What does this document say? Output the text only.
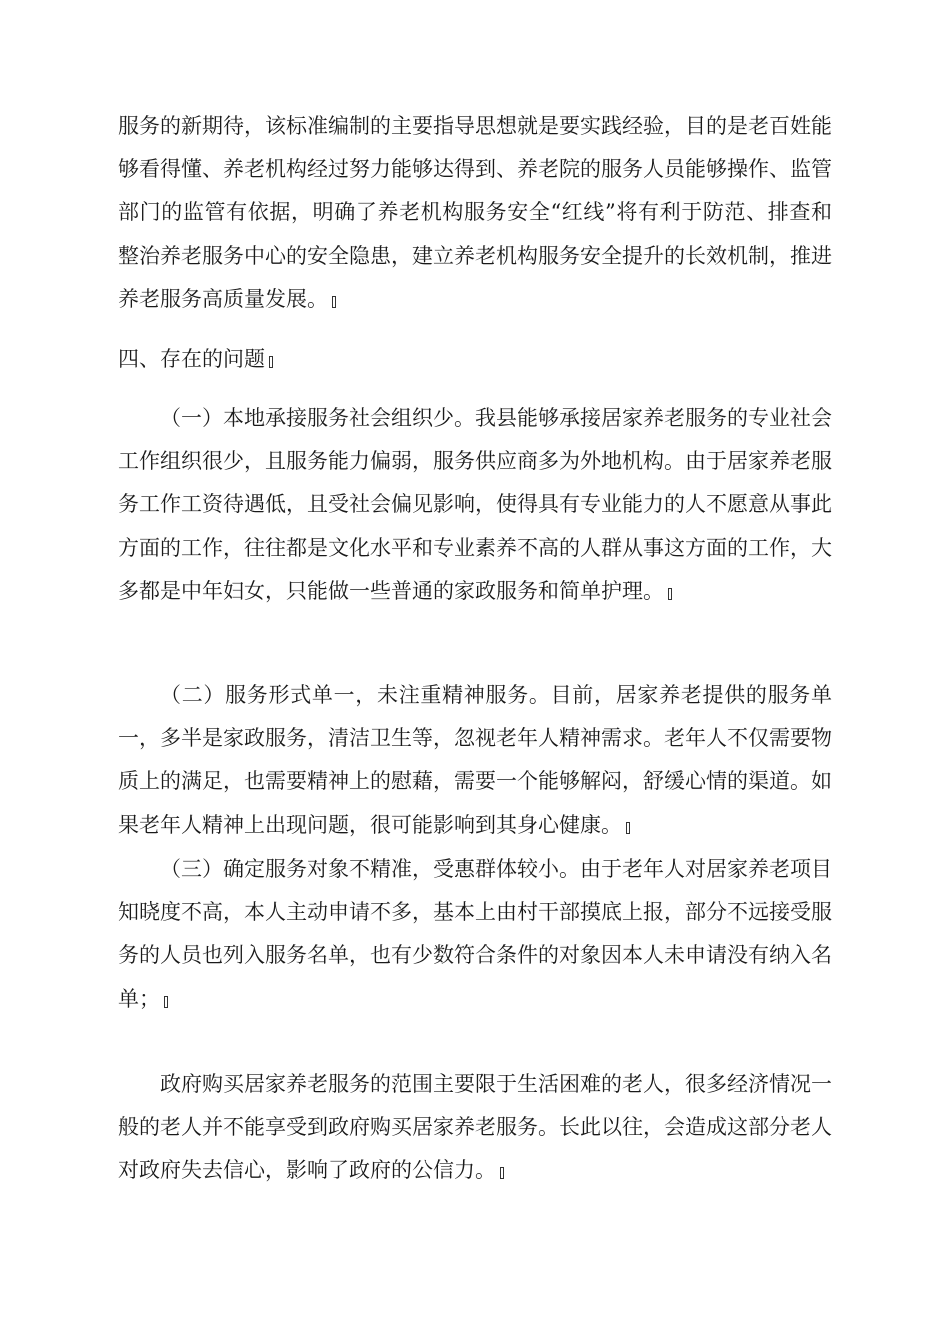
服务的新期待，该标准编制的主要指导思想就是要实践经验，目的是老百姓能够看得懂、养老机构经过努力能够达得到、养老院的服务人员能够操作、监管部门的监管有依据，明确了养老机构服务安全“红线”将有利于防范、排查和整治养老服务中心的安全隐患，建立养老机构服务安全提升的长效机制，推进养老服务高质量发展。

四、存在的问题

（一）本地承接服务社会组织少。我县能够承接居家养老服务的专业社会工作组织很少，且服务能力偏弱，服务供应商多为外地机构。由于居家养老服务工作工资待遇低，且受社会偏见影响，使得具有专业能力的人不愿意从事此方面的工作，往往都是文化水平和专业素养不高的人群从事这方面的工作，大多都是中年妇女，只能做一些普通的家政服务和简单护理。

（二）服务形式单一，未注重精神服务。目前，居家养老提供的服务单一，多半是家政服务，清洁卫生等，忽视老年人精神需求。老年人不仅需要物质上的满足，也需要精神上的慰藉，需要一个能够解闷，舒缓心情的渠道。如果老年人精神上出现问题，很可能影响到其身心健康。

（三）确定服务对象不精准，受惠群体较小。由于老年人对居家养老项目知晓度不高，本人主动申请不多，基本上由村干部摸底上报，部分不远接受服务的人员也列入服务名单，也有少数符合条件的对象因本人未申请没有纳入名单；

政府购买居家养老服务的范围主要限于生活困难的老人，很多经济情况一般的老人并不能享受到政府购买居家养老服务。长此以往，会造成这部分老人对政府失去信心，影响了政府的公信力。
